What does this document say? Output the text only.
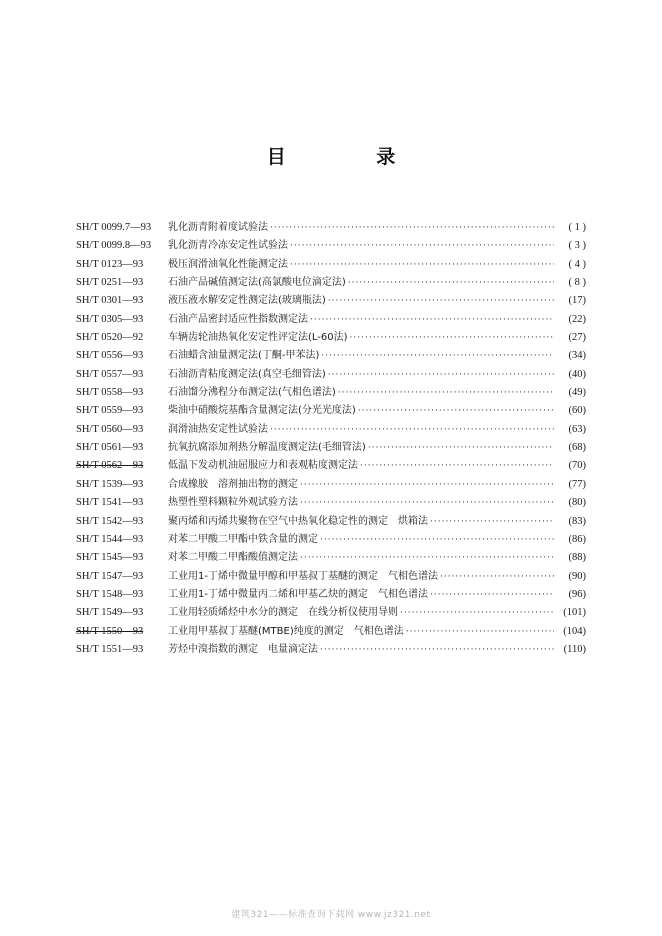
目 录
SH/T 0099.7—93	乳化沥青附着度试验法 ·····	( 1 )
SH/T 0099.8—93	乳化沥青冷冻安定性试验法 ·····	( 3 )
SH/T 0123—93	极压润滑油氧化性能测定法 ·····	( 4 )
SH/T 0251—93	石油产品碱值测定法(高氯酸电位滴定法) ·····	( 8 )
SH/T 0301—93	液压液水解安定性测定法(玻璃瓶法) ·····	(17)
SH/T 0305—93	石油产品密封适应性指数测定法 ·····	(22)
SH/T 0520—92	车辆齿轮油热氧化安定性评定法(L-60法) ·····	(27)
SH/T 0556—93	石油蜡含油量测定法(丁酮-甲苯法) ·····	(34)
SH/T 0557—93	石油沥青粘度测定法(真空毛细管法) ·····	(40)
SH/T 0558—93	石油馏分沸程分布测定法(气相色谱法) ·····	(49)
SH/T 0559—93	柴油中硝酸烷基酯含量测定法(分光光度法) ·····	(60)
SH/T 0560—93	润滑油热安定性试验法 ·····	(63)
SH/T 0561—93	抗氧抗腐添加剂热分解温度测定法(毛细管法) ·····	(68)
SH/T 0562—93	低温下发动机油屈服应力和表观粘度测定法 ·····	(70)
SH/T 1539—93	合成橡胶　溶剂抽出物的测定 ·····	(77)
SH/T 1541—93	热塑性塑料颗粒外观试验方法 ·····	(80)
SH/T 1542—93	聚丙烯和丙烯共聚物在空气中热氧化稳定性的测定　烘箱法 ·····	(83)
SH/T 1544—93	对苯二甲酸二甲酯中铁含量的测定 ·····	(86)
SH/T 1545—93	对苯二甲酸二甲酯酸值测定法 ·····	(88)
SH/T 1547—93	工业用1-丁烯中微量甲醇和甲基叔丁基醚的测定　气相色谱法 ·····	(90)
SH/T 1548—93	工业用1-丁烯中微量丙二烯和甲基乙炔的测定　气相色谱法 ·····	(96)
SH/T 1549—93	工业用轻质烯烃中水分的测定　在线分析仪使用导则 ·····	(101)
SH/T 1550—93	工业用甲基叔丁基醚(MTBE)纯度的测定　气相色谱法 ·····	(104)
SH/T 1551—93	芳烃中溴指数的测定　电量滴定法 ·····	(110)
建筑321——标准查询下载网 www.jz321.net
